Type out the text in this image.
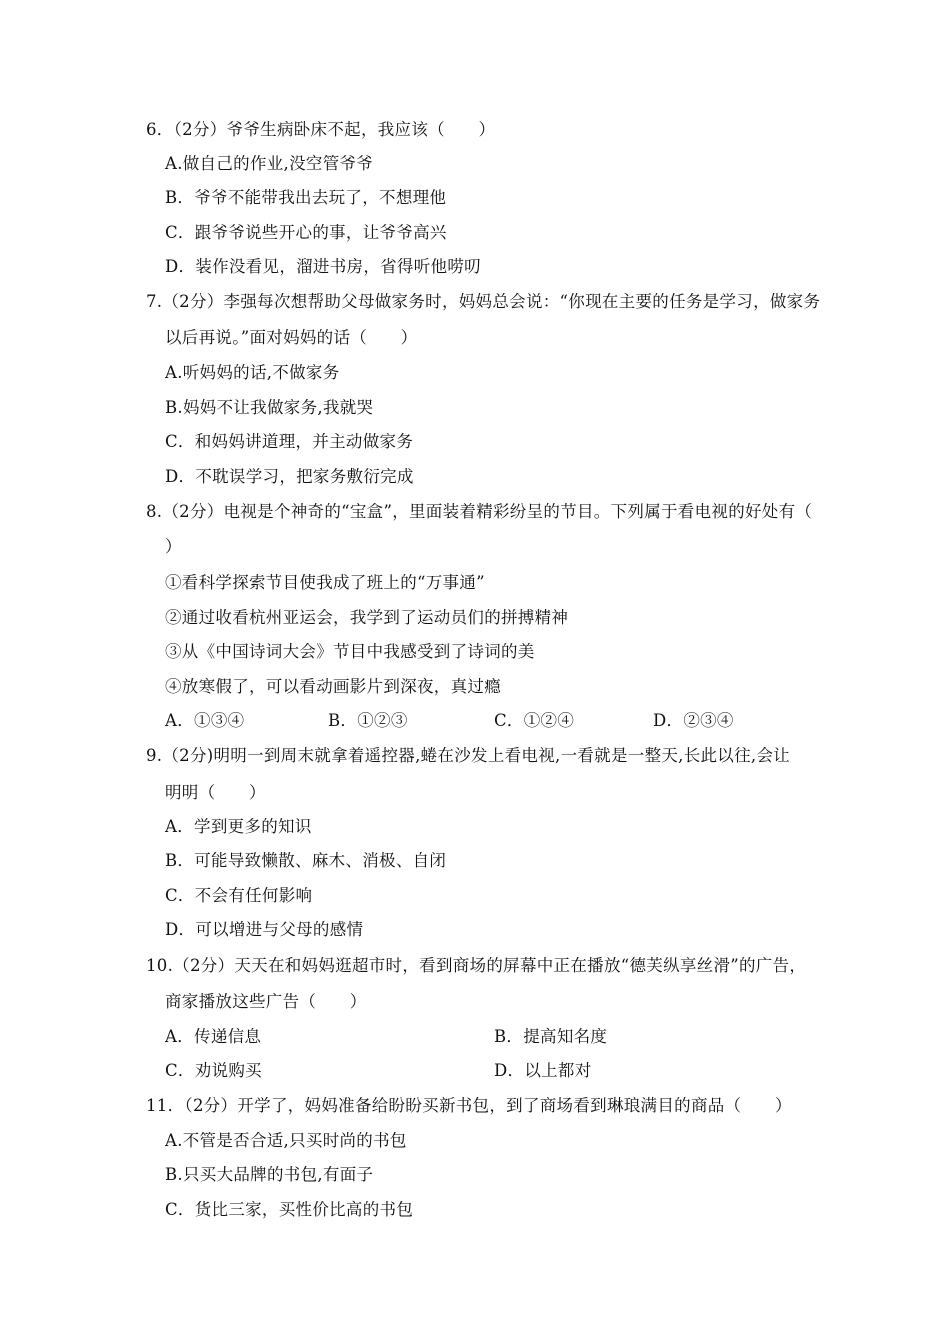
6．（2分）爷爷生病卧床不起，我应该（　　）
A.做自己的作业,没空管爷爷
B．爷爷不能带我出去玩了，不想理他
C．跟爷爷说些开心的事，让爷爷高兴
D．装作没看见，溜进书房，省得听他唠叨
7.（2分）李强每次想帮助父母做家务时，妈妈总会说：“你现在主要的任务是学习，做家务
以后再说。”面对妈妈的话（　　）
A.听妈妈的话,不做家务
B.妈妈不让我做家务,我就哭
C．和妈妈讲道理，并主动做家务
D．不耽误学习，把家务敷衍完成
8.（2分）电视是个神奇的“宝盒”，里面装着精彩纷呈的节目。下列属于看电视的好处有（
）
①看科学探索节目使我成了班上的“万事通”
②通过收看杭州亚运会，我学到了运动员们的拼搏精神
③从《中国诗词大会》节目中我感受到了诗词的美
④放寒假了，可以看动画影片到深夜，真过瘾
A．①③④	B．①②③	C．①②④	D．②③④
9.（2分)明明一到周末就拿着遥控器,蜷在沙发上看电视,一看就是一整天,长此以往,会让
明明（　　）
A．学到更多的知识
B．可能导致懒散、麻木、消极、自闭
C．不会有任何影响
D．可以增进与父母的感情
10.（2分）天天在和妈妈逛超市时，看到商场的屏幕中正在播放“德芙纵享丝滑”的广告，
商家播放这些广告（　　）
A．传递信息	B．提高知名度
C．劝说购买	D．以上都对
11．（2分）开学了，妈妈准备给盼盼买新书包，到了商场看到琳琅满目的商品（　　）
A.不管是否合适,只买时尚的书包
B.只买大品牌的书包,有面子
C．货比三家，买性价比高的书包
